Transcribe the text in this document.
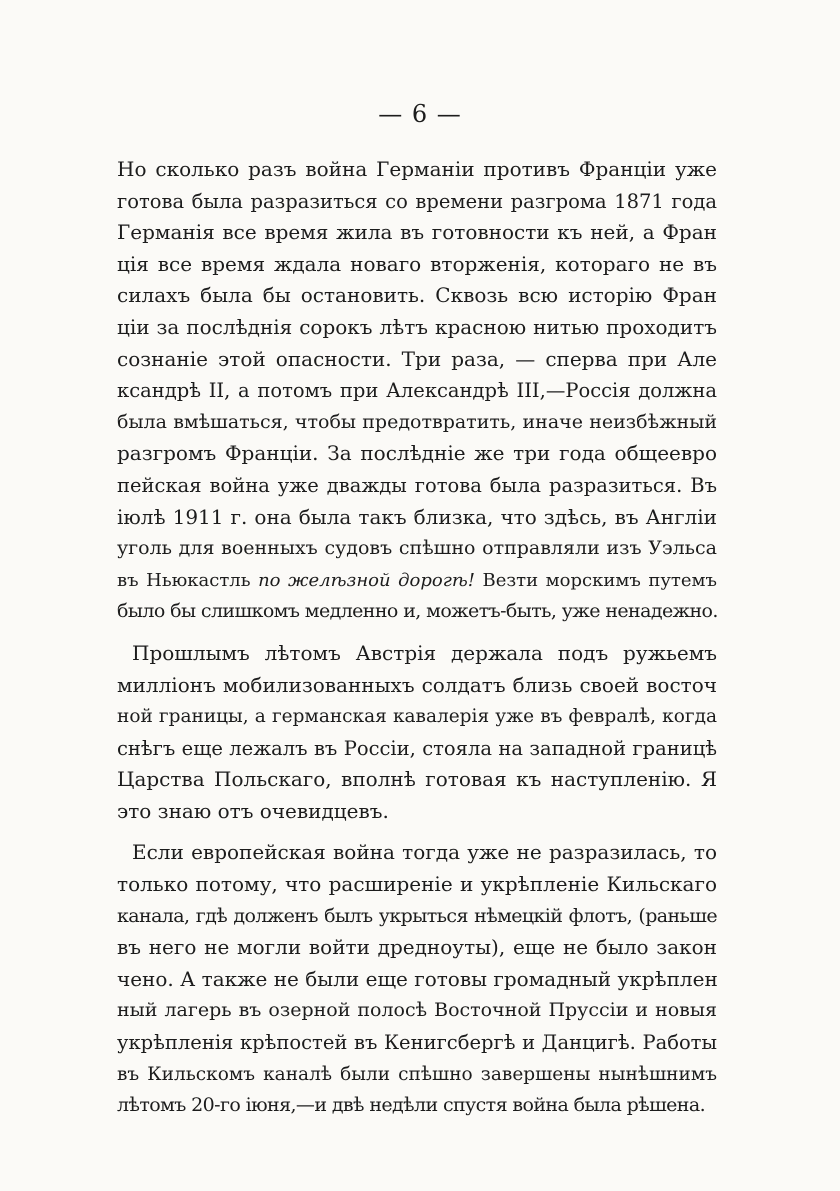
— 6 —
Но сколько разъ война Германіи противъ Франціи уже
готова была разразиться со времени разгрома 1871 года
Германія все время жила въ готовности къ ней, а Фран
ція все время ждала новаго вторженія, котораго не въ
силахъ была бы остановить. Сквозь всю исторію Фран
ціи за послѣднія сорокъ лѣтъ красною нитью проходитъ
сознаніе этой опасности. Три раза, — сперва при Але
ксандрѣ II, а потомъ при Александрѣ III,—Россія должна
была вмѣшаться, чтобы предотвратить, иначе неизбѣжный
разгромъ Франціи. За послѣдніе же три года общеевро
пейская война уже дважды готова была разразиться. Въ
іюлѣ 1911 г. она была такъ близка, что здѣсь, въ Англіи
уголь для военныхъ судовъ спѣшно отправляли изъ Уэльса
въ Ньюкастль по желѣзной дорогѣ! Везти морскимъ путемъ
было бы слишкомъ медленно и, можетъ-быть, уже ненадежно.
Прошлымъ лѣтомъ Австрія держала подъ ружьемъ
милліонъ мобилизованныхъ солдатъ близь своей восточ
ной границы, а германская кавалерія уже въ февралѣ, когда
снѣгъ еще лежалъ въ Россіи, стояла на западной границѣ
Царства Польскаго, вполнѣ готовая къ наступленію. Я
это знаю отъ очевидцевъ.
Если европейская война тогда уже не разразилась, то
только потому, что расширеніе и укрѣпленіе Кильскаго
канала, гдѣ долженъ былъ укрыться нѣмецкій флотъ, (раньше
въ него не могли войти дредноуты), еще не было закон
чено. А также не были еще готовы громадный укрѣплен
ный лагерь въ озерной полосѣ Восточной Пруссіи и новыя
укрѣпленія крѣпостей въ Кенигсбергѣ и Данцигѣ. Работы
въ Кильскомъ каналѣ были спѣшно завершены нынѣшнимъ
лѣтомъ 20-го іюня,—и двѣ недѣли спустя война была рѣшена.
